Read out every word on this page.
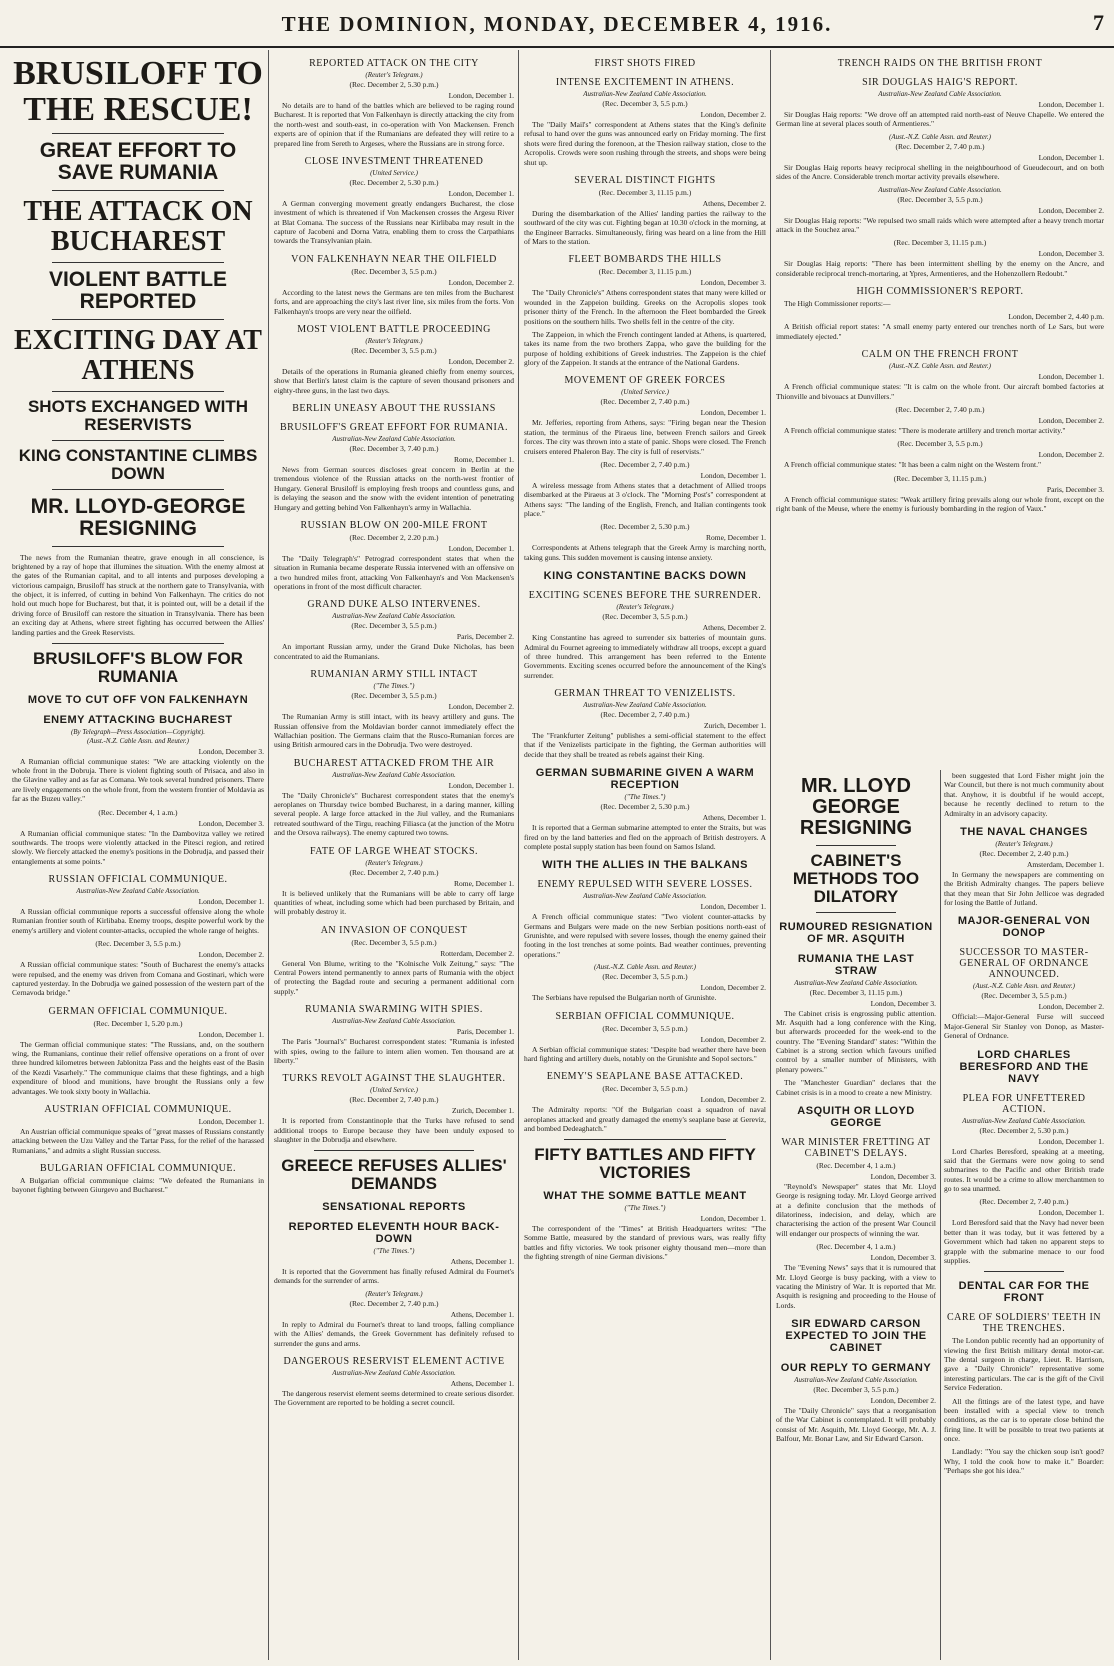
THE DOMINION, MONDAY, DECEMBER 4, 1916.	7
BRUSILOFF TO THE RESCUE!
GREAT EFFORT TO SAVE RUMANIA
THE ATTACK ON BUCHAREST
VIOLENT BATTLE REPORTED
EXCITING DAY AT ATHENS
SHOTS EXCHANGED WITH RESERVISTS
KING CONSTANTINE CLIMBS DOWN
MR. LLOYD-GEORGE RESIGNING

The news from the Rumanian theatre, grave enough in all conscience, is brightened by a ray of hope that illumines the situation. With the enemy almost at the gates of the Rumanian capital, and to all intents and purposes developing a victorious campaign, Brusiloff has struck at the northern gate to Transylvania, with the object, it is inferred, of cutting in behind Von Falkenhayn. The critics do not hold out much hope for Bucharest, but that, it is pointed out, will be a detail if the driving force of Brusiloff can restore the situation in Transylvania. There has been an exciting day at Athens, where street fighting has occurred between the Allies' landing parties and the Greek Reservists.

BRUSILOFF'S BLOW FOR RUMANIA
MOVE TO CUT OFF VON FALKENHAYN
ENEMY ATTACKING BUCHAREST
(By Telegraph—Press Association—Copyright).
(Aust.-N.Z. Cable Assn. and Reuter.)
London, December 3.

A Rumanian official communique states: "We are attacking violently on the whole front in the Dobruja. There is violent fighting south of Prisaca, and also in the Glavine valley and as far as Comana. We took several hundred prisoners. There are lively engagements on the whole front, from the western frontier of Moldavia as far as the Buzeu valley."

(Rec. December 4, 1 a.m.)
London, December 3.

A Rumanian official communique states: "In the Dambovitza valley we retired southwards. The troops were violently attacked in the Pitesci region, and retired slowly. We fiercely attacked the enemy's positions in the Dobrudja, and passed their entanglements at some points."

RUSSIAN OFFICIAL COMMUNIQUE.
Australian-New Zealand Cable Association.
London, December 1.

A Russian official communique reports a successful offensive along the whole Rumanian frontier south of Kirlibaba. Enemy troops, despite powerful work by the enemy's artillery and violent counter-attacks, occupied the whole range of heights.

(Rec. December 3, 5.5 p.m.)
London, December 2.

A Russian official communique states: "South of Bucharest the enemy's attacks were repulsed, and the enemy was driven from Comana and Gostinari, which were captured yesterday. In the Dobrudja we gained possession of the western part of the Cernavoda bridge."

GERMAN OFFICIAL COMMUNIQUE.
(Rec. December 1, 5.20 p.m.)
London, December 1.

The German official communique states: "The Russians, and, on the southern wing, the Rumanians, continue their relief offensive operations on a front of over three hundred kilometres between Jablonitza Pass and the heights east of the Basin of the Kezdi Vasarhely." The communique claims that these fightings, and a high expenditure of blood and munitions, have brought the Russians only a few advantages. We took sixty booty in Wallachia.

AUSTRIAN OFFICIAL COMMUNIQUE.
London, December 1.

An Austrian official communique speaks of "great masses of Russians constantly attacking between the Uzu Valley and the Tartar Pass, for the relief of the harassed Rumanians," and admits a slight Russian success.

BULGARIAN OFFICIAL COMMUNIQUE.

A Bulgarian official communique claims: "We defeated the Rumanians in bayonet fighting between Giurgevo and Bucharest."

REPORTED ATTACK ON THE CITY
(Reuter's Telegram.)
(Rec. December 2, 5.30 p.m.)
London, December 1.

No details are to hand of the battles which are believed to be raging round Bucharest. It is reported that Von Falkenhayn is directly attacking the city from the north-west and south-east, in co-operation with Von Mackensen. French experts are of opinion that if the Rumanians are defeated they will retire to a prepared line from Sereth to Argeses, where the Russians are in strong force.

CLOSE INVESTMENT THREATENED
(United Service.)
(Rec. December 2, 5.30 p.m.)
London, December 1.

A German converging movement greatly endangers Bucharest, the close investment of which is threatened if Von Mackensen crosses the Argesu River at Blat Comana. The success of the Russians near Kirlibaba may result in the capture of Jacobeni and Dorna Vatra, enabling them to cross the Carpathians towards the Transylvanian plain.

VON FALKENHAYN NEAR THE OILFIELD
(Rec. December 3, 5.5 p.m.)
London, December 2.

According to the latest news the Germans are ten miles from the Bucharest forts, and are approaching the city's last river line, six miles from the forts. Von Falkenhayn's troops are very near the oilfield.

MOST VIOLENT BATTLE PROCEEDING
(Reuter's Telegram.)
(Rec. December 3, 5.5 p.m.)
London, December 2.

Details of the operations in Rumania gleaned chiefly from enemy sources, show that Berlin's latest claim is the capture of seven thousand prisoners and eighty-three guns, in the last two days.

BERLIN UNEASY ABOUT THE RUSSIANS
BRUSILOFF'S GREAT EFFORT FOR RUMANIA.
Australian-New Zealand Cable Association.
(Rec. December 3, 7.40 p.m.)
Rome, December 1.

News from German sources discloses great concern in Berlin at the tremendous violence of the Russian attacks on the north-west frontier of Hungary. General Brusiloff is employing fresh troops and countless guns, and is delaying the season and the snow with the evident intention of penetrating Hungary and getting behind Von Falkenhayn's army in Wallachia.

RUSSIAN BLOW ON 200-MILE FRONT
(Rec. December 2, 2.20 p.m.)
London, December 1.

The "Daily Telegraph's" Petrograd correspondent states that when the situation in Rumania became desperate Russia intervened with an offensive on a two hundred miles front, attacking Von Falkenhayn's and Von Mackensen's operations in front of the most difficult character.

GRAND DUKE ALSO INTERVENES.
Australian-New Zealand Cable Association.
(Rec. December 3, 5.5 p.m.)
Paris, December 2.

An important Russian army, under the Grand Duke Nicholas, has been concentrated to aid the Rumanians.

RUMANIAN ARMY STILL INTACT
("The Times.")
(Rec. December 3, 5.5 p.m.)
London, December 2.

The Rumanian Army is still intact, with its heavy artillery and guns. The Russian offensive from the Moldavian border cannot immediately effect the Wallachian position. The Germans claim that the Rusco-Rumanian forces are using British armoured cars in the Dobrudja. Two were destroyed.

BUCHAREST ATTACKED FROM THE AIR
Australian-New Zealand Cable Association.
London, December 1.

The "Daily Chronicle's" Bucharest correspondent states that the enemy's aeroplanes on Thursday twice bombed Bucharest, in a daring manner, killing several people. A large force attacked in the Jiul valley, and the Rumanians retreated southward of the Tirgu, reaching Filiasca (at the junction of the Motru and the Orsova railways). The enemy captured two towns.

FATE OF LARGE WHEAT STOCKS.
(Reuter's Telegram.)
(Rec. December 2, 7.40 p.m.)
Rome, December 1.

It is believed unlikely that the Rumanians will be able to carry off large quantities of wheat, including some which had been purchased by Britain, and will probably destroy it.

AN INVASION OF CONQUEST
(Rec. December 3, 5.5 p.m.)
Rotterdam, December 2.

General Von Blume, writing to the "Kolnische Volk Zeitung," says: "The Central Powers intend permanently to annex parts of Rumania with the object of protecting the Bagdad route and securing a permanent additional corn supply."

RUMANIA SWARMING WITH SPIES.
Australian-New Zealand Cable Association.
Paris, December 1.

The Paris "Journal's" Bucharest correspondent states: "Rumania is infested with spies, owing to the failure to intern alien women. Ten thousand are at liberty."

TURKS REVOLT AGAINST THE SLAUGHTER.
(United Service.)
(Rec. December 2, 7.40 p.m.)
Zurich, December 1.

It is reported from Constantinople that the Turks have refused to send additional troops to Europe because they have been unduly exposed to slaughter in the Dobrudja and elsewhere.

GREECE REFUSES ALLIES' DEMANDS
SENSATIONAL REPORTS
REPORTED ELEVENTH HOUR BACK-DOWN
("The Times.")
Athens, December 1.

It is reported that the Government has finally refused Admiral du Fournet's demands for the surrender of arms.

(Reuter's Telegram.)
(Rec. December 2, 7.40 p.m.)
Athens, December 1.

In reply to Admiral du Fournet's threat to land troops, falling compliance with the Allies' demands, the Greek Government has definitely refused to surrender the guns and arms.

DANGEROUS RESERVIST ELEMENT ACTIVE
Australian-New Zealand Cable Association.
Athens, December 1.

The dangerous reservist element seems determined to create serious disorder. The Government are reported to be holding a secret council.

FIRST SHOTS FIRED
INTENSE EXCITEMENT IN ATHENS.
Australian-New Zealand Cable Association.
(Rec. December 3, 5.5 p.m.)
London, December 2.

The "Daily Mail's" correspondent at Athens states that the King's definite refusal to hand over the guns was announced early on Friday morning. The first shots were fired during the forenoon, at the Thesion railway station, close to the Acropolis. Crowds were soon rushing through the streets, and shops were being shut up.

SEVERAL DISTINCT FIGHTS
(Rec. December 3, 11.15 p.m.)
Athens, December 2.

During the disembarkation of the Allies' landing parties the railway to the southward of the city was cut. Fighting began at 10.30 o'clock in the morning, at the Engineer Barracks. Simultaneously, firing was heard on a line from the Hill of Mars to the station.

FLEET BOMBARDS THE HILLS
(Rec. December 3, 11.15 p.m.)
London, December 3.

The "Daily Chronicle's" Athens correspondent states that many were killed or wounded in the Zappeion building. Greeks on the Acropolis slopes took prisoner thirty of the French. In the afternoon the Fleet bombarded the Greek positions on the southern hills. Two shells fell in the centre of the city.

The Zappeion, in which the French contingent landed at Athens, is quartered, takes its name from the two brothers Zappa, who gave the building for the purpose of holding exhibitions of Greek industries. The Zappeion is the chief glory of the Zappeion. It stands at the entrance of the National Gardens.

MOVEMENT OF GREEK FORCES
(United Service.)
(Rec. December 2, 7.40 p.m.)
London, December 1.

Mr. Jefferies, reporting from Athens, says: "Firing began near the Thesion station, the terminus of the Piraeus line, between French sailors and Greek forces. The city was thrown into a state of panic. Shops were closed. The French cruisers entered Phaleron Bay. The city is full of reservists."

(Rec. December 2, 7.40 p.m.)
London, December 1.

A wireless message from Athens states that a detachment of Allied troops disembarked at the Piraeus at 3 o'clock. The "Morning Post's" correspondent at Athens says: "The landing of the English, French, and Italian contingents took place."

(Rec. December 2, 5.30 p.m.)
Rome, December 1.

Correspondents at Athens telegraph that the Greek Army is marching north, taking guns. This sudden movement is causing intense anxiety.

KING CONSTANTINE BACKS DOWN
EXCITING SCENES BEFORE THE SURRENDER.
(Reuter's Telegram.)
(Rec. December 3, 5.5 p.m.)
Athens, December 2.

King Constantine has agreed to surrender six batteries of mountain guns. Admiral du Fournet agreeing to immediately withdraw all troops, except a guard of three hundred. This arrangement has been referred to the Entente Governments. Exciting scenes occurred before the announcement of the King's surrender.

GERMAN THREAT TO VENIZELISTS.
Australian-New Zealand Cable Association.
(Rec. December 2, 7.40 p.m.)
Zurich, December 1.

The "Frankfurter Zeitung" publishes a semi-official statement to the effect that if the Venizelists participate in the fighting, the German authorities will decide that they shall be treated as rebels against their King.

GERMAN SUBMARINE GIVEN A WARM RECEPTION
("The Times.")
(Rec. December 2, 5.30 p.m.)
Athens, December 1.

It is reported that a German submarine attempted to enter the Straits, but was fired on by the land batteries and fled on the approach of British destroyers. A complete postal supply station has been found on Samos Island.

WITH THE ALLIES IN THE BALKANS
ENEMY REPULSED WITH SEVERE LOSSES.
Australian-New Zealand Cable Association.
London, December 1.

A French official communique states: "Two violent counter-attacks by Germans and Bulgars were made on the new Serbian positions north-east of Grunishte, and were repulsed with severe losses, though the enemy gained their footing in the lost trenches at some points. Bad weather continues, preventing operations."

(Aust.-N.Z. Cable Assn. and Reuter.)
(Rec. December 3, 5.5 p.m.)
London, December 2.

The Serbians have repulsed the Bulgarian north of Grunishte.

SERBIAN OFFICIAL COMMUNIQUE.
(Rec. December 3, 5.5 p.m.)
London, December 2.

A Serbian official communique states: "Despite bad weather there have been hard fighting and artillery duels, notably on the Grunishte and Sopol sectors."

ENEMY'S SEAPLANE BASE ATTACKED.
(Rec. December 3, 5.5 p.m.)
London, December 2.

The Admiralty reports: "Of the Bulgarian coast a squadron of naval aeroplanes attacked and greatly damaged the enemy's seaplane base at Gereviz, and bombed Dedeaghatch."

FIFTY BATTLES AND FIFTY VICTORIES
WHAT THE SOMME BATTLE MEANT
("The Times.")
London, December 1.

The correspondent of the "Times" at British Headquarters writes: "The Somme Battle, measured by the standard of previous wars, was really fifty battles and fifty victories. We took prisoner eighty thousand men—more than the fighting strength of nine German divisions."

TRENCH RAIDS ON THE BRITISH FRONT
SIR DOUGLAS HAIG'S REPORT.
Australian-New Zealand Cable Association.
London, December 1.

Sir Douglas Haig reports: "We drove off an attempted raid north-east of Neuve Chapelle. We entered the German line at several places south of Armentieres."

(Aust.-N.Z. Cable Assn. and Reuter.)
(Rec. December 2, 7.40 p.m.)
London, December 1.

Sir Douglas Haig reports heavy reciprocal shelling in the neighbourhood of Gueudecourt, and on both sides of the Ancre. Considerable trench mortar activity prevails elsewhere.

Australian-New Zealand Cable Association.
(Rec. December 3, 5.5 p.m.)
London, December 2.

Sir Douglas Haig reports: "We repulsed two small raids which were attempted after a heavy trench mortar attack in the Souchez area."

(Rec. December 3, 11.15 p.m.)
London, December 3.

Sir Douglas Haig reports: "There has been intermittent shelling by the enemy on the Ancre, and considerable reciprocal trench-mortaring, at Ypres, Armentieres, and the Hohenzollern Redoubt."

HIGH COMMISSIONER'S REPORT.

The High Commissioner reports:—

London, December 2, 4.40 p.m.

A British official report states: "A small enemy party entered our trenches north of Le Sars, but were immediately ejected."

CALM ON THE FRENCH FRONT
(Aust.-N.Z. Cable Assn. and Reuter.)
London, December 1.

A French official communique states: "It is calm on the whole front. Our aircraft bombed factories at Thionville and bivouacs at Dunvillers."

(Rec. December 2, 7.40 p.m.)
London, December 2.

A French official communique states: "There is moderate artillery and trench mortar activity."

(Rec. December 3, 5.5 p.m.)
London, December 2.

A French official communique states: "It has been a calm night on the Western front."

(Rec. December 3, 11.15 p.m.)
Paris, December 3.

A French official communique states: "Weak artillery firing prevails along our whole front, except on the right bank of the Meuse, where the enemy is furiously bombarding in the region of Vaux."

MR. LLOYD GEORGE RESIGNING
CABINET'S METHODS TOO DILATORY
RUMOURED RESIGNATION OF MR. ASQUITH
RUMANIA THE LAST STRAW
Australian-New Zealand Cable Association.
(Rec. December 3, 11.15 p.m.)
London, December 3.

The Cabinet crisis is engrossing public attention. Mr. Asquith had a long conference with the King, but afterwards proceeded for the week-end to the country. The "Evening Standard" states: "Within the Cabinet is a strong section which favours unified control by a smaller number of Ministers, with plenary powers."

The "Manchester Guardian" declares that the Cabinet crisis is in a mood to create a new Ministry.

ASQUITH OR LLOYD GEORGE
WAR MINISTER FRETTING AT CABINET'S DELAYS.
(Rec. December 4, 1 a.m.)
London, December 3.

"Reynold's Newspaper" states that Mr. Lloyd George is resigning today. Mr. Lloyd George arrived at a definite conclusion that the methods of dilatoriness, indecision, and delay, which are characterising the action of the present War Council will endanger our prospects of winning the war.

(Rec. December 4, 1 a.m.)
London, December 3.

The "Evening News" says that it is rumoured that Mr. Lloyd George is busy packing, with a view to vacating the Ministry of War. It is reported that Mr. Asquith is resigning and proceeding to the House of Lords.

SIR EDWARD CARSON EXPECTED TO JOIN THE CABINET
OUR REPLY TO GERMANY
Australian-New Zealand Cable Association.
(Rec. December 3, 5.5 p.m.)
London, December 2.

The "Daily Chronicle" says that a reorganisation of the War Cabinet is contemplated. It will probably consist of Mr. Asquith, Mr. Lloyd George, Mr. A. J. Balfour, Mr. Bonar Law, and Sir Edward Carson.

been suggested that Lord Fisher might join the War Council, but there is not much community about that. Anyhow, it is doubtful if he would accept, because he recently declined to return to the Admiralty in an advisory capacity.

THE NAVAL CHANGES
(Reuter's Telegram.)
(Rec. December 2, 2.40 p.m.)
Amsterdam, December 1.

In Germany the newspapers are commenting on the British Admiralty changes. The papers believe that they mean that Sir John Jellicoe was degraded for losing the Battle of Jutland.

MAJOR-GENERAL VON DONOP
SUCCESSOR TO MASTER-GENERAL OF ORDNANCE ANNOUNCED.
(Aust.-N.Z. Cable Assn. and Reuter.)
(Rec. December 3, 5.5 p.m.)
London, December 2.

Official:—Major-General Furse will succeed Major-General Sir Stanley von Donop, as Master-General of Ordnance.

LORD CHARLES BERESFORD AND THE NAVY
PLEA FOR UNFETTERED ACTION.
Australian-New Zealand Cable Association.
(Rec. December 2, 5.30 p.m.)
London, December 1.

Lord Charles Beresford, speaking at a meeting, said that the Germans were now going to send submarines to the Pacific and other British trade routes. It would be a crime to allow merchantmen to go to sea unarmed.

(Rec. December 2, 7.40 p.m.)
London, December 1.

Lord Beresford said that the Navy had never been better than it was today, but it was fettered by a Government which had taken no apparent steps to grapple with the submarine menace to our food supplies.

DENTAL CAR FOR THE FRONT
CARE OF SOLDIERS' TEETH IN THE TRENCHES.

The London public recently had an opportunity of viewing the first British military dental motor-car. The dental surgeon in charge, Lieut. R. Harrison, gave a "Daily Chronicle" representative some interesting particulars. The car is the gift of the Civil Service Federation.

All the fittings are of the latest type, and have been installed with a special view to trench conditions, as the car is to operate close behind the firing line. It will be possible to treat two patients at once.

Landlady: "You say the chicken soup isn't good? Why, I told the cook how to make it." Boarder: "Perhaps she got his idea."
